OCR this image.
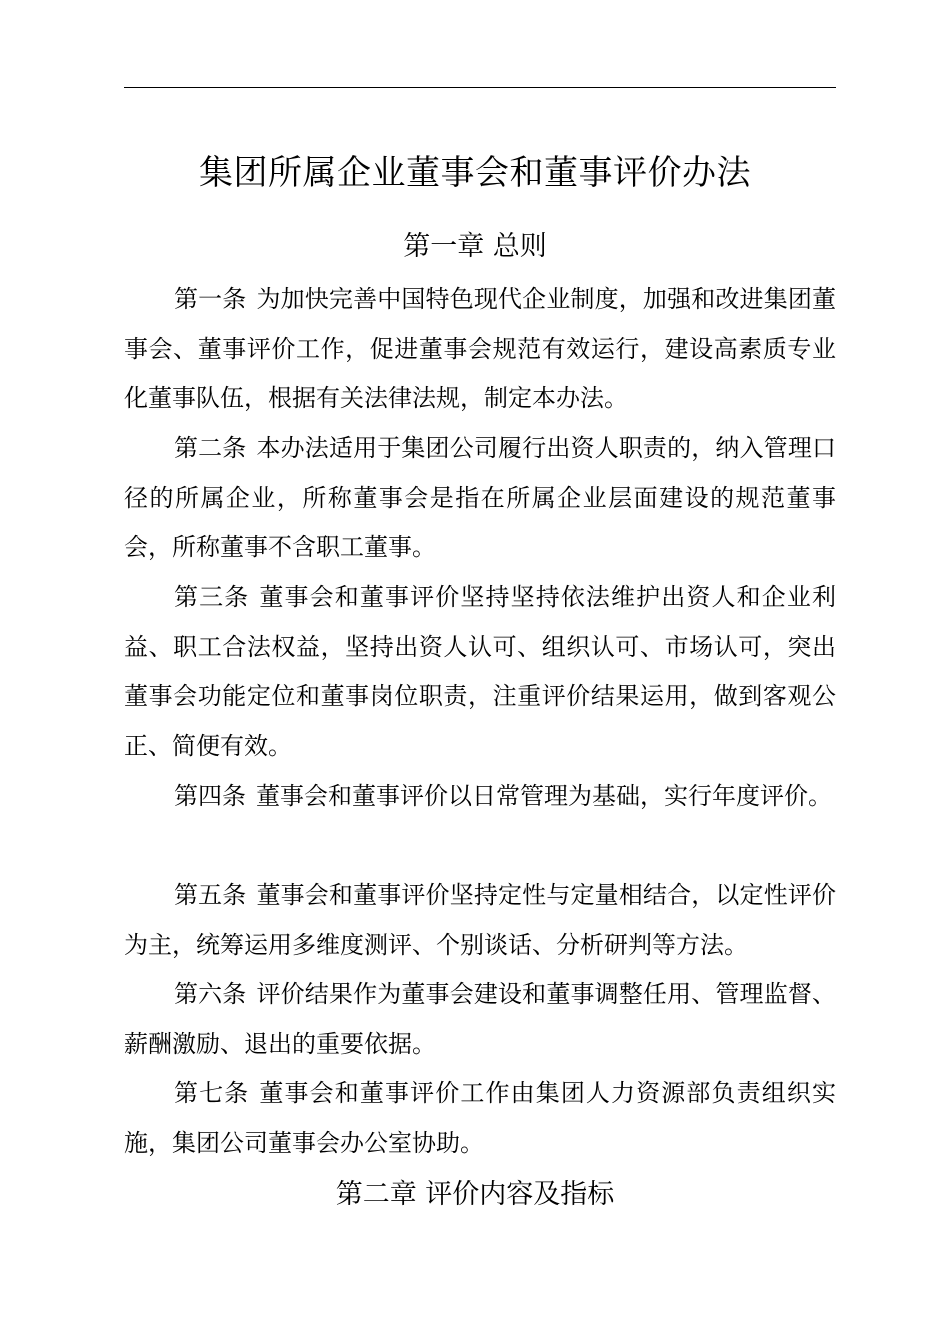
集团所属企业董事会和董事评价办法
第一章 总则

第一条 为加快完善中国特色现代企业制度，加强和改进集团董事会、董事评价工作，促进董事会规范有效运行，建设高素质专业化董事队伍，根据有关法律法规，制定本办法。

第二条 本办法适用于集团公司履行出资人职责的，纳入管理口径的所属企业，所称董事会是指在所属企业层面建设的规范董事会，所称董事不含职工董事。

第三条 董事会和董事评价坚持坚持依法维护出资人和企业利益、职工合法权益，坚持出资人认可、组织认可、市场认可，突出董事会功能定位和董事岗位职责，注重评价结果运用，做到客观公正、简便有效。

第四条 董事会和董事评价以日常管理为基础，实行年度评价。

第五条 董事会和董事评价坚持定性与定量相结合，以定性评价为主，统筹运用多维度测评、个别谈话、分析研判等方法。

第六条 评价结果作为董事会建设和董事调整任用、管理监督、薪酬激励、退出的重要依据。

第七条 董事会和董事评价工作由集团人力资源部负责组织实施，集团公司董事会办公室协助。

第二章 评价内容及指标
